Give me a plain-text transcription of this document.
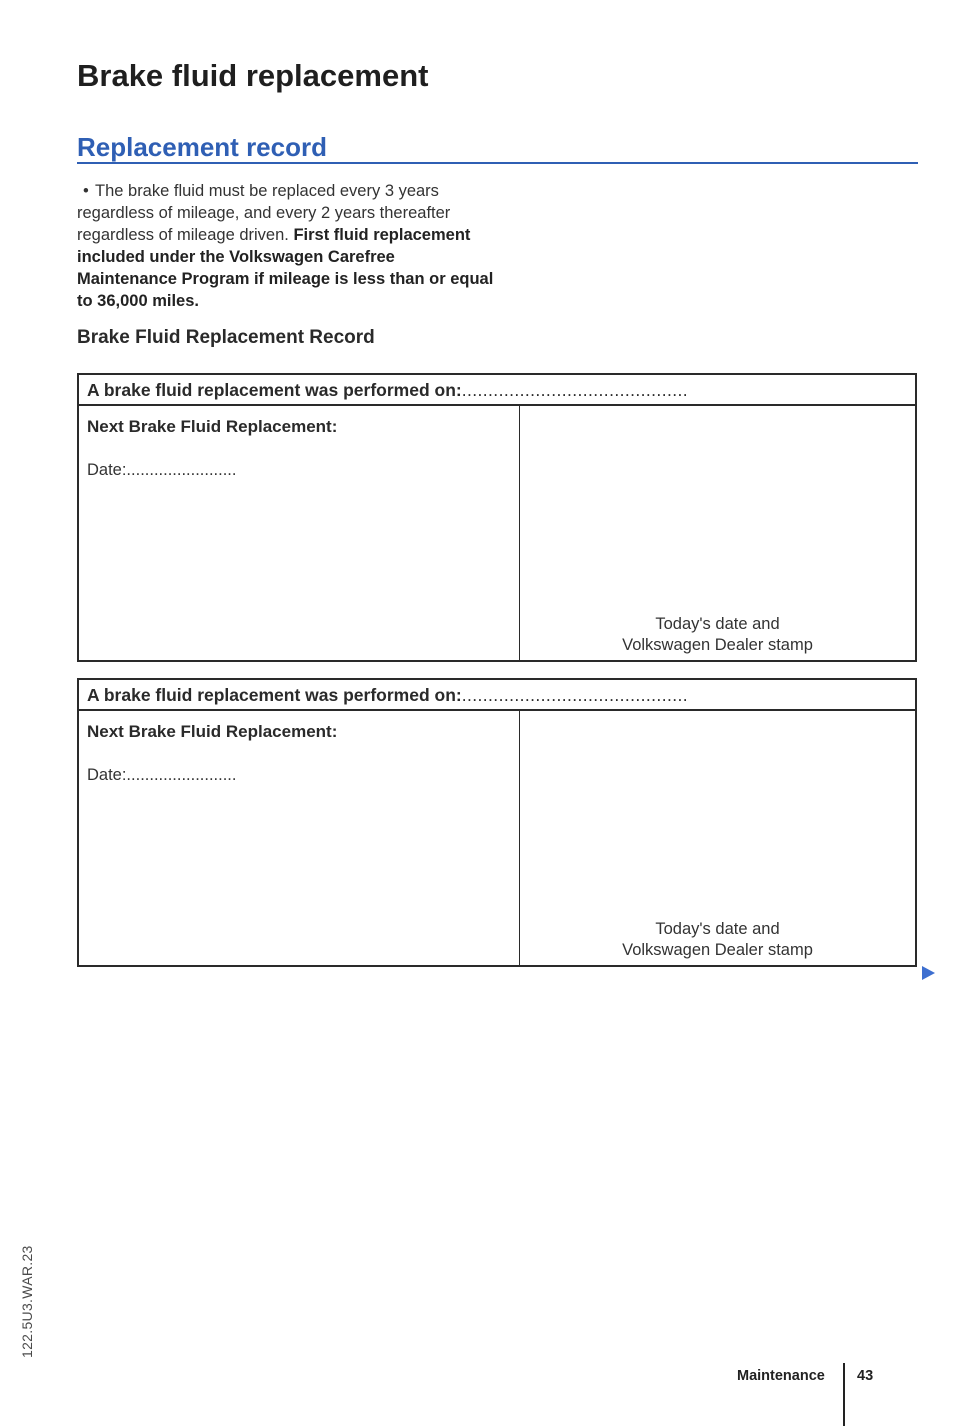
Brake fluid replacement
Replacement record

• The brake fluid must be replaced every 3 years regardless of mileage, and every 2 years thereafter regardless of mileage driven. First fluid replacement included under the Volkswagen Carefree Maintenance Program if mileage is less than or equal to 36,000 miles.

Brake Fluid Replacement Record
A brake fluid replacement was performed on:...........................................
Next Brake Fluid Replacement:
Date:........................
Today's date and
Volkswagen Dealer stamp
A brake fluid replacement was performed on:...........................................
Next Brake Fluid Replacement:
Date:........................
Today's date and
Volkswagen Dealer stamp
122.5U3.WAR.23
Maintenance 43
